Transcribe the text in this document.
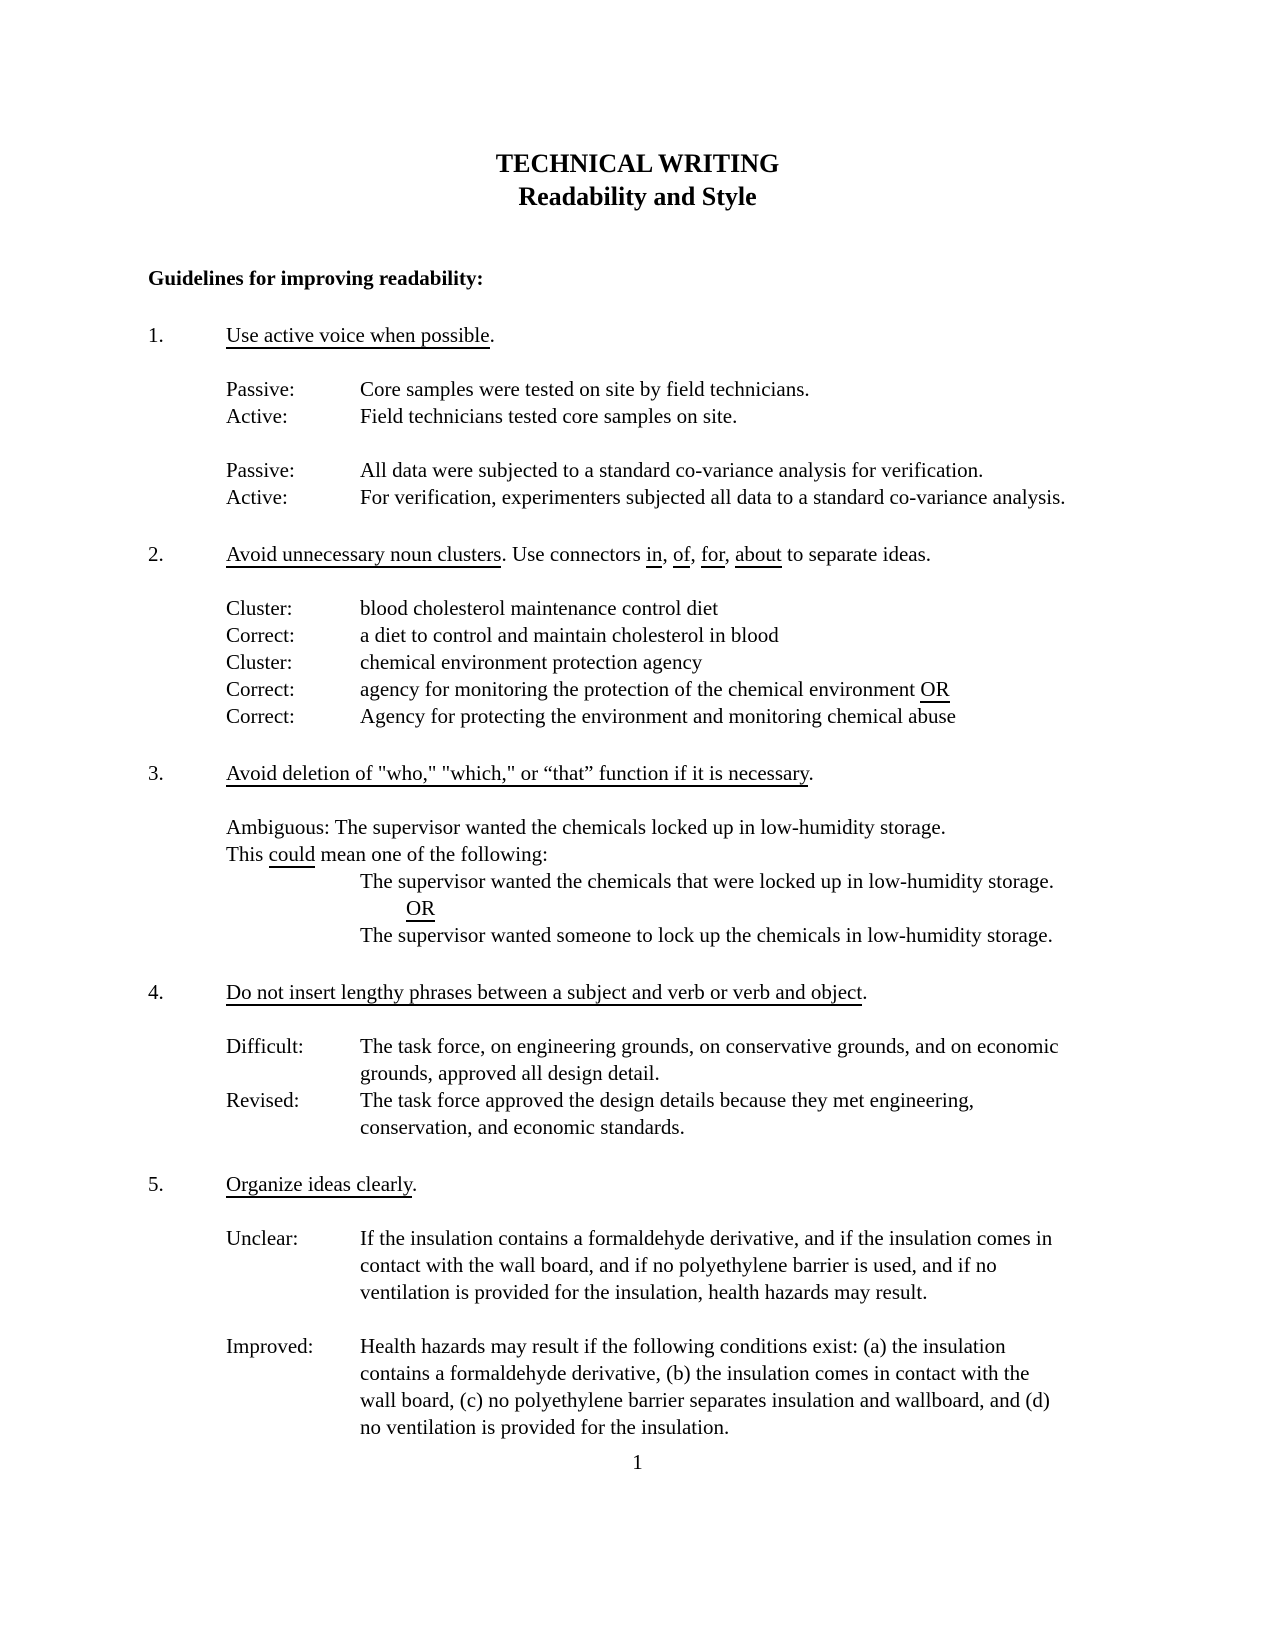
TECHNICAL WRITING
Readability and Style
Guidelines for improving readability:
1.	Use active voice when possible.
Passive:	Core samples were tested on site by field technicians.
Active:	Field technicians tested core samples on site.
Passive:	All data were subjected to a standard co-variance analysis for verification.
Active:	For verification, experimenters subjected all data to a standard co-variance analysis.
2.	Avoid unnecessary noun clusters. Use connectors in, of, for, about to separate ideas.
Cluster:	blood cholesterol maintenance control diet
Correct:	a diet to control and maintain cholesterol in blood
Cluster:	chemical environment protection agency
Correct:	agency for monitoring the protection of the chemical environment OR
Correct:	Agency for protecting the environment and monitoring chemical abuse
3.	Avoid deletion of "who," "which," or “that” function if it is necessary.
Ambiguous: The supervisor wanted the chemicals locked up in low-humidity storage.
This could mean one of the following:
The supervisor wanted the chemicals that were locked up in low-humidity storage.
OR
The supervisor wanted someone to lock up the chemicals in low-humidity storage.
4.	Do not insert lengthy phrases between a subject and verb or verb and object.
Difficult:	The task force, on engineering grounds, on conservative grounds, and on economic
grounds, approved all design detail.
Revised:	The task force approved the design details because they met engineering,
conservation, and economic standards.
5.	Organize ideas clearly.
Unclear:	If the insulation contains a formaldehyde derivative, and if the insulation comes in
contact with the wall board, and if no polyethylene barrier is used, and if no
ventilation is provided for the insulation, health hazards may result.
Improved:	Health hazards may result if the following conditions exist: (a) the insulation
contains a formaldehyde derivative, (b) the insulation comes in contact with the
wall board, (c) no polyethylene barrier separates insulation and wallboard, and (d)
no ventilation is provided for the insulation.
1
